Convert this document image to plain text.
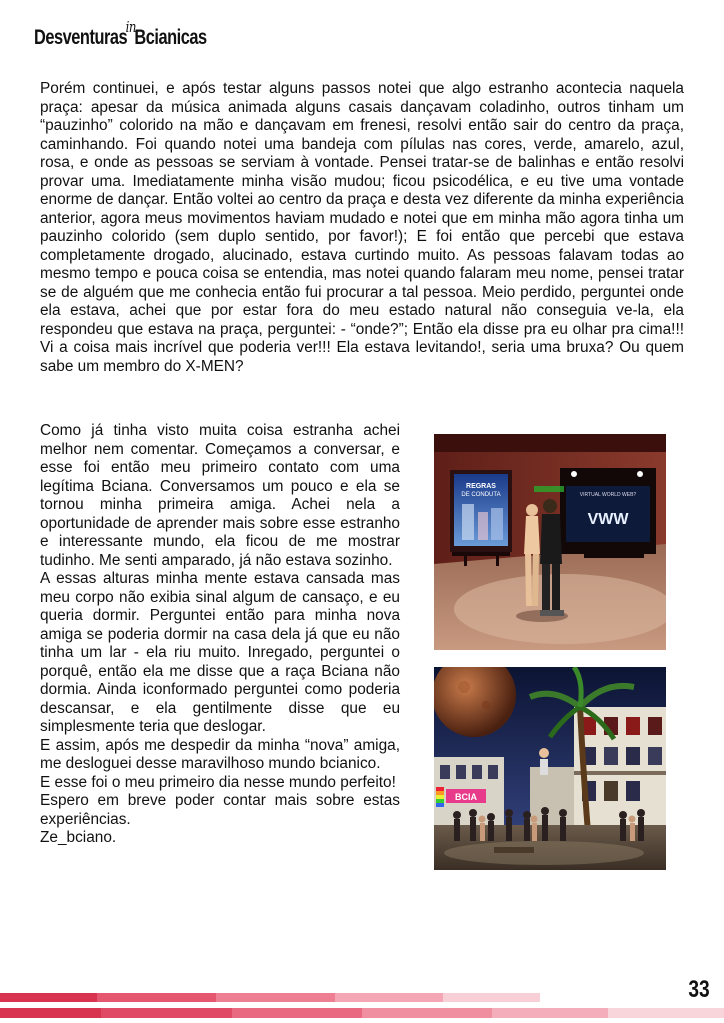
Desventuras$^{in}$Bcianicas
Porém continuei, e após testar alguns passos notei que algo estranho acontecia naquela praça: apesar da música animada alguns casais dançavam coladinho, outros tinham um “pauzinho” colorido na mão e dançavam em frenesi, resolvi então sair do centro da praça, caminhando. Foi quando notei uma bandeja com pílulas nas cores, verde, amarelo, azul, rosa, e onde as pessoas se serviam à vontade. Pensei tratar-se de balinhas e então resolvi provar uma. Imediatamente minha visão mudou; ficou psicodélica, e eu tive uma vontade enorme de dançar. Então voltei ao centro da praça e desta vez diferente da minha experiência anterior, agora meus movimentos haviam mudado e notei que em minha mão agora tinha um pauzinho colorido (sem duplo sentido, por favor!); E foi então que percebi que estava completamente drogado, alucinado, estava curtindo muito. As pessoas falavam todas ao mesmo tempo e pouca coisa se entendia, mas notei quando falaram meu nome, pensei tratar se de alguém que me conhecia então fui procurar a tal pessoa. Meio perdido, perguntei onde ela estava, achei que por estar fora do meu estado natural não conseguia ve-la, ela respondeu que estava na praça, perguntei: - “onde?”; Então ela disse pra eu olhar pra cima!!! Vi a coisa mais incrível que poderia ver!!! Ela estava levitando!, seria uma bruxa? Ou quem sabe um membro do X-MEN?

Como já tinha visto muita coisa estranha achei melhor nem comentar. Começamos a conversar, e esse foi então meu primeiro contato com uma legítima Bciana. Conversamos um pouco e ela se tornou minha primeira amiga. Achei nela a oportunidade de aprender mais sobre esse estranho e interessante mundo, ela ficou de me mostrar tudinho. Me senti amparado, já não estava sozinho.

A essas alturas minha mente estava cansada mas meu corpo não exibia sinal algum de cansaço, e eu queria dormir. Perguntei então para minha nova amiga se poderia dormir na casa dela já que eu não tinha um lar - ela riu muito. Inregado, perguntei o porquê, então ela me disse que a raça Bciana não dormia. Ainda iconformado perguntei como poderia descansar, e ela gentilmente disse que eu simplesmente teria que deslogar.

E assim, após me despedir da minha “nova” amiga, me desloguei desse maravilhoso mundo bcianico.

E esse foi o meu primeiro dia nesse mundo perfeito!

Espero em breve poder contar mais sobre estas experiências.

Ze_bciano.

REGRAS
DE CONDUTA	VIRTUAL WORLD WEB?
VWW
BCIA
33
